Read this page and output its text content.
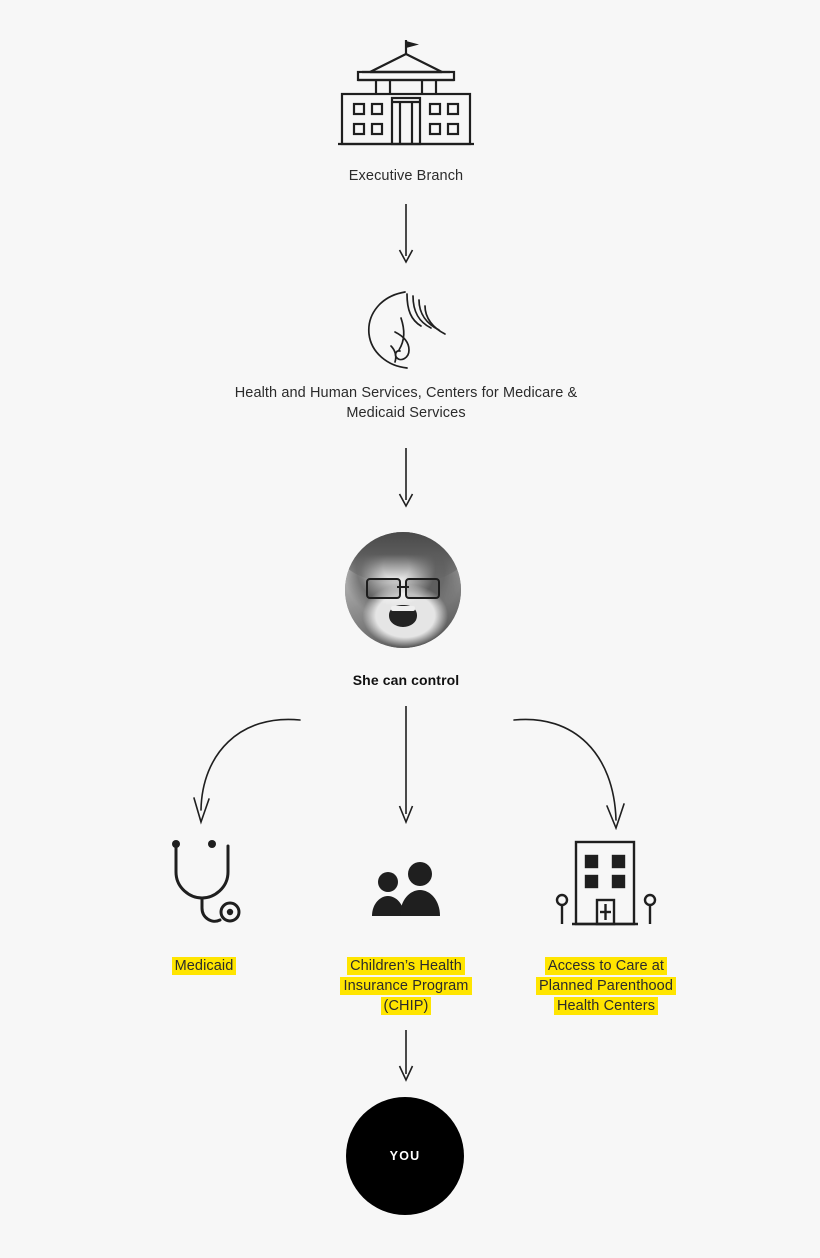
Executive Branch
Health and Human Services, Centers for Medicare & Medicaid Services
She can control
Medicaid	Children’s Health Insurance Program (CHIP)
Access to Care at Planned Parenthood Health Centers
YOU
